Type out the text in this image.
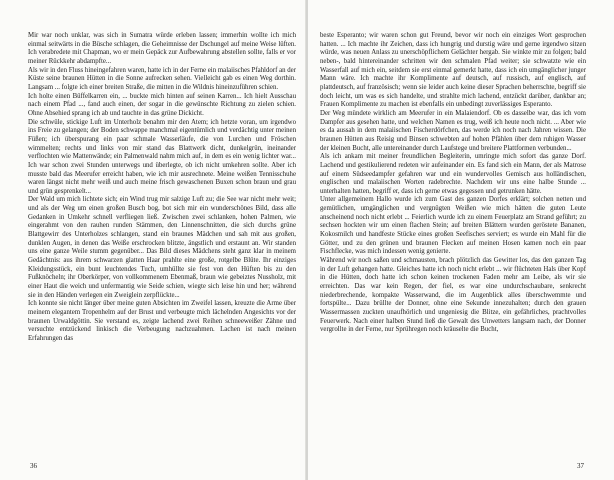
Mir war noch unklar, was sich in Sumatra würde erleben lassen; immerhin wollte ich mich einmal seitwärts in die Büsche schlagen, die Geheimnisse der Dschungel auf meine Weise lüften. Ich verabredete mit Chapman, wo er mein Gepäck zur Aufbewahrung abstellen sollte, falls er vor meiner Rückkehr abdampfte...

Als wir in den Fluss hineingefahren waren, hatte ich in der Ferne ein malaiisches Pfahldorf an der Küste seine braunen Hütten in die Sonne aufrecken sehen. Vielleicht gab es einen Weg dorthin. Langsam ... folgte ich einer breiten Straße, die mitten in die Wildnis hineinzuführen schien.

Ich holte einen Büffelkarren ein, ... buckte mich hinten auf seinen Karren... Ich hielt Ausschau nach einem Pfad ..., fand auch einen, der sogar in die gewünschte Richtung zu zielen schien. Ohne Absehied sprang ich ab und tauchte in das grüne Dickicht.

Die schwüle, stickige Luft im Unterholz benahm mir den Atem; ich hetzte voran, um irgendwo ins Freie zu gelangen; der Boden schwappe manchmal eigentümlich und verdächtig unter meinen Füßen; ich überspurang ein paar schmale Wasserläufe, die von Lurchen und Fröschen wimmelten; rechts und links von mir stand das Blattwerk dicht, dunkelgrün, ineinander verflochten wie Mattenwände; ein Palmenwald nahm mich auf, in dem es ein wenig lichter war... Ich war schon zwei Stunden unterwegs und überlegte, ob ich nicht umkehren sollte. Aber ich musste bald das Meerufer erreicht haben, wie ich mir ausrechnete. Meine weißen Tennisschuhe waren längst nicht mehr weiß und auch meine frisch gewaschenen Buxen schon braun und grau und grün gesprenkelt...

Der Wald um mich lichtete sich; ein Wind trug mir salzige Luft zu; die See war nicht mehr weit; und als der Weg um einen großen Busch bog, bot sich mir ein wunderschönes Bild, dass alle Gedanken in Umkehr schnell verfliegen ließ. Zwischen zwei schlanken, hohen Palmen, wie eingerahmt von den rauhen runden Stämmen, den Linnenschnitten, die sich durchs grüne Blattgewirr des Unterholzes schlangen, stand ein braunes Mädchen und sah mit aus großen, dunklen Augen, in denen das Weiße erschrocken blitzte, ängstlich und erstaunt an. Wir standen uns eine ganze Weile stumm gegenüber... Das Bild dieses Mädchens steht ganz klar in meinem Gedächtnis: aus ihrem schwarzen glatten Haar prahlte eine große, rotgelbe Blüte. Ihr einziges Kleidungsstück, ein bunt leuchtendes Tuch, umhüllte sie fest von den Hüften bis zu den Fußknöcheln; ihr Oberkörper, von vollkommenem Ebenmaß, braun wie gebeiztes Nussholz, mit einer Haut die weich und unfermantig wie Seide schien, wiegte sich leise hin und her; während sie in den Händen verlegen ein Zweiglein zerpflückte...

Ich konnte sie nicht länger über meine guten Absichten im Zweifel lassen, kreuzte die Arme über meinem elegantem Tropenhelm auf der Brust und verbeugte mich lächelnden Angesichts vor der braunen Urwaldgöttin. Sie verstand es, zeigte lachend zwei Reihen schneeweißer Zähne und versuchte entzückend linkisch die Verbeugung nachzuahmen. Lachen ist nach meinen Erfahrungen das

36

beste Esperanto; wir waren schon gut Freund, bevor wir noch ein einziges Wort gesprochen hatten. ... Ich machte ihr Zeichen, dass ich hungrig und durstig wäre und gerne irgendwo sitzen würde, was neuen Anlass zu unerschöpflichem Gelächter hergab. Sie winkte mir zu folgen; bald neben-, bald hintereinander schritten wir den schmalen Pfad weiter; sie schwatzte wie ein Wasserfall auf mich ein, seitdem sie erst einmal gemerkt hatte, dass ich ein umgänglicher junger Mann wäre. Ich machte ihr Komplimente auf deutsch, auf russisch, auf englisch, auf plattdeutsch, auf französisch; wenn sie leider auch keine dieser Sprachen beherrschte, begriff sie doch leicht, um was es sich handelte, und strahlte mich lachend, entzückt darüber, dankbar an; Frauen Komplimente zu machen ist ebenfalls ein unbedingt zuverlässiges Esperanto.

Der Weg mündete wirklich am Meerufer in ein Malaiendorf. Ob es dasselbe war, das ich vom Dampfer aus gesehen hatte, und welchen Namen es trug, weiß ich heute noch nicht. ... Aber wie es da aussah in dem malaiischen Fischerdörfchen, das werde ich noch nach Jahren wissen. Die braunen Hütten aus Reisig und Binsen schwebten auf hohen Pfählen über dem ruhigen Wasser der kleinen Bucht, alle untereinander durch Laufstege und breitere Plattformen verbunden...

Als ich ankam mit meiner freundlichen Begleiterin, umringte mich sofort das ganze Dorf. Lachend und gestikulierend redeten wir aufeinander ein. Es fand sich ein Mann, der als Matrose auf einem Südseedampfer gefahren war und ein wundervolles Gemisch aus holländischen, englischen und malaiischen Worten radebrechte. Nachdem wir uns eine halbe Stunde ... unterhalten hatten, begriff er, dass ich gerne etwas gegessen und getrunken hätte.

Unter allgemeinem Hallo wurde ich zum Gast des ganzen Dorfes erklärt; solchen netten und gemütlichen, umgänglichen und vergnügten Weißen wie mich hätten die guten Leute anscheinend noch nicht erlebt ... Feierlich wurde ich zu einem Feuerplatz am Strand geführt; zu sechsen hockten wir um einen flachen Stein; auf breiten Blättern wurden geröstete Bananen, Kokosmilch und handfeste Stücke eines großen Seefisches serviert; es wurde ein Mahl für die Götter, und zu den grünen und braunen Flecken auf meinen Hosen kamen noch ein paar Fischflecke, was mich indessen wenig genierte.

Während wir noch saßen und schmausten, brach plötzlich das Gewitter los, das den ganzen Tag in der Luft gehangen hatte. Gleiches hatte ich noch nicht erlebt ... wir flüchteten Hals über Kopf in die Hütten, doch hatte ich schon keinen trockenen Faden mehr am Leibe, als wir sie erreichten. Das war kein Regen, der fiel, es war eine undurchschaubare, senkrecht niederbrechende, kompakte Wasserwand, die im Augenblick alles überschwemmte und fortspülte... Dazu brüllte der Donner, ohne eine Sekunde innezuhalten; durch den grauen Wassermassen zuckten unaufhörlich und ungeniesig die Blitze, ein gefährliches, prachtvolles Feuerwerk. Nach einer halben Stund ließ die Gewalt des Unwetters langsam nach, der Donner vergrollte in der Ferne, nur Sprühregen noch kräuselte die Bucht,

37
